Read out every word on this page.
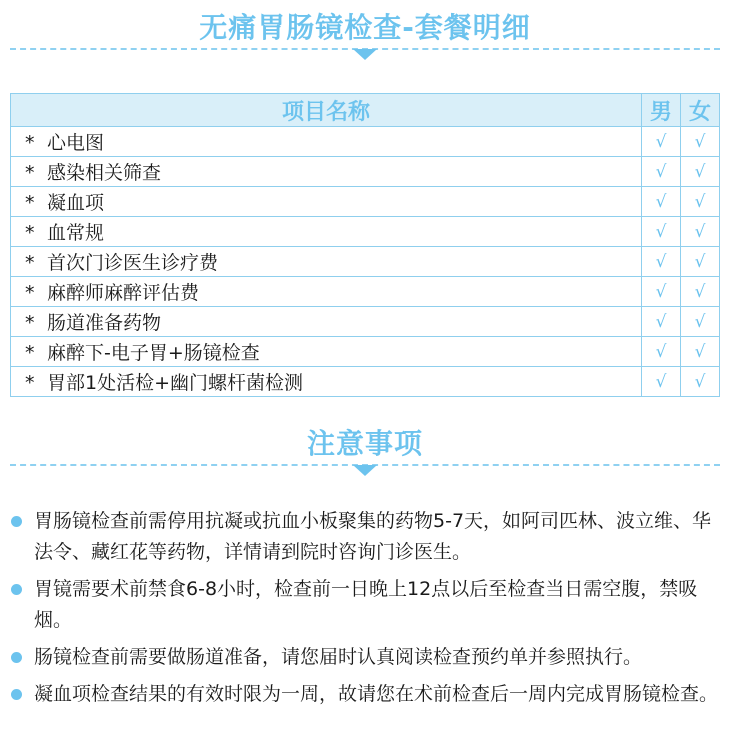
无痛胃肠镜检查-套餐明细
项目名称	男	女
* 心电图	√	√
* 感染相关筛查	√	√
* 凝血项	√	√
* 血常规	√	√
* 首次门诊医生诊疗费	√	√
* 麻醉师麻醉评估费	√	√
* 肠道准备药物	√	√
* 麻醉下-电子胃+肠镜检查	√	√
* 胃部1处活检+幽门螺杆菌检测	√	√
注意事项
胃肠镜检查前需停用抗凝或抗血小板聚集的药物5-7天，如阿司匹林、波立维、华法令、藏红花等药物，详情请到院时咨询门诊医生。
胃镜需要术前禁食6-8小时，检查前一日晚上12点以后至检查当日需空腹，禁吸烟。
肠镜检查前需要做肠道准备，请您届时认真阅读检查预约单并参照执行。
凝血项检查结果的有效时限为一周，故请您在术前检查后一周内完成胃肠镜检查。
